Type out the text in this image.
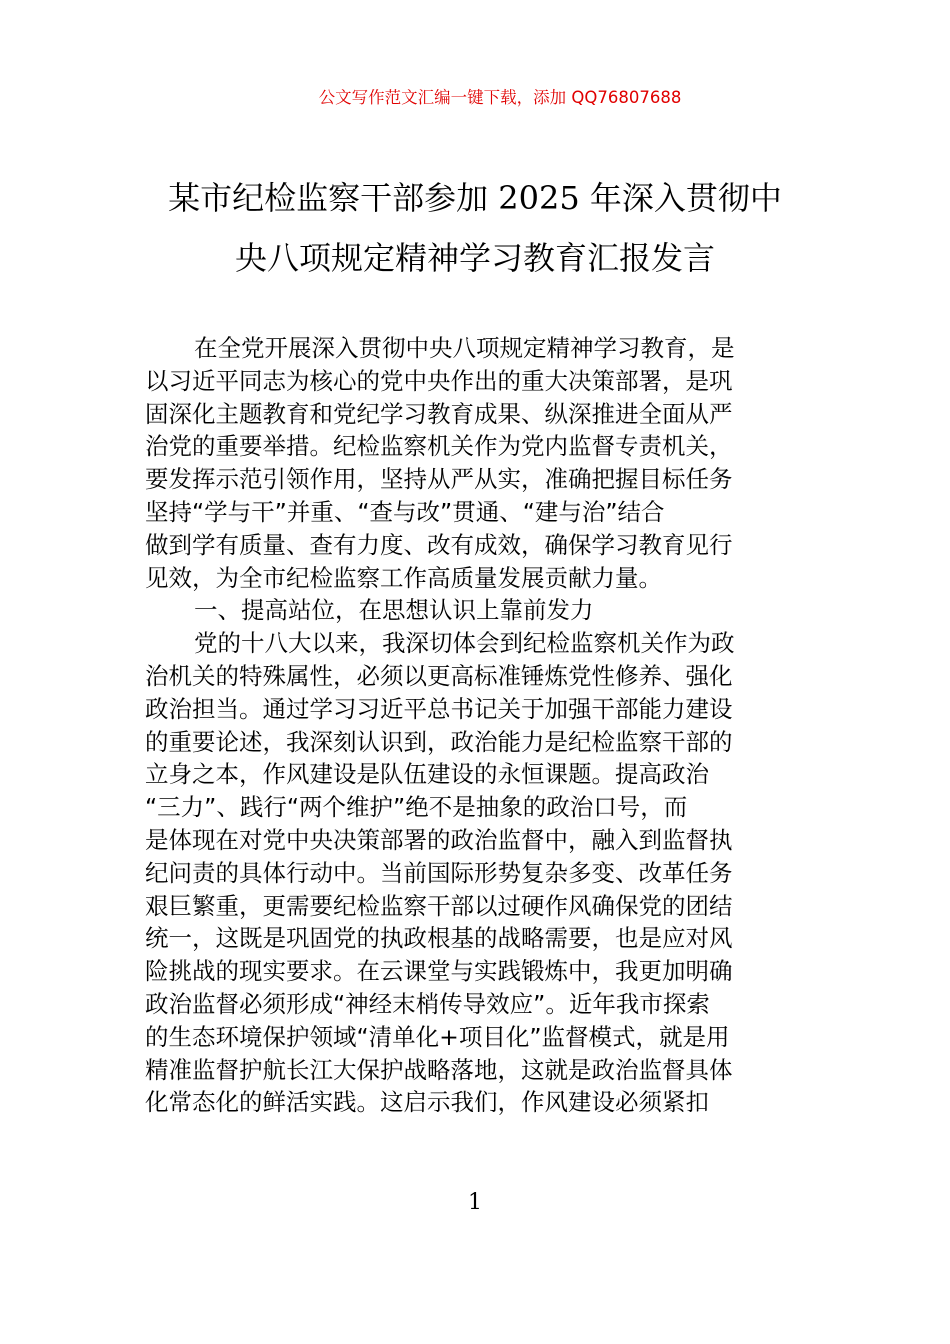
公文写作范文汇编一键下载，添加 QQ76807688
某市纪检监察干部参加 2025 年深入贯彻中
央八项规定精神学习教育汇报发言
在全党开展深入贯彻中央八项规定精神学习教育，是
以习近平同志为核心的党中央作出的重大决策部署，是巩
固深化主题教育和党纪学习教育成果、纵深推进全面从严
治党的重要举措。纪检监察机关作为党内监督专责机关，
要发挥示范引领作用，坚持从严从实，准确把握目标任务
坚持“学与干”并重、“查与改”贯通、“建与治”结合
做到学有质量、查有力度、改有成效，确保学习教育见行
见效，为全市纪检监察工作高质量发展贡献力量。
一、提高站位，在思想认识上靠前发力
党的十八大以来，我深切体会到纪检监察机关作为政
治机关的特殊属性，必须以更高标准锤炼党性修养、强化
政治担当。通过学习习近平总书记关于加强干部能力建设
的重要论述，我深刻认识到，政治能力是纪检监察干部的
立身之本，作风建设是队伍建设的永恒课题。提高政治
“三力”、践行“两个维护”绝不是抽象的政治口号，而
是体现在对党中央决策部署的政治监督中，融入到监督执
纪问责的具体行动中。当前国际形势复杂多变、改革任务
艰巨繁重，更需要纪检监察干部以过硬作风确保党的团结
统一，这既是巩固党的执政根基的战略需要，也是应对风
险挑战的现实要求。在云课堂与实践锻炼中，我更加明确
政治监督必须形成“神经末梢传导效应”。近年我市探索
的生态环境保护领域“清单化+项目化”监督模式，就是用
精准监督护航长江大保护战略落地，这就是政治监督具体
化常态化的鲜活实践。这启示我们，作风建设必须紧扣
1
